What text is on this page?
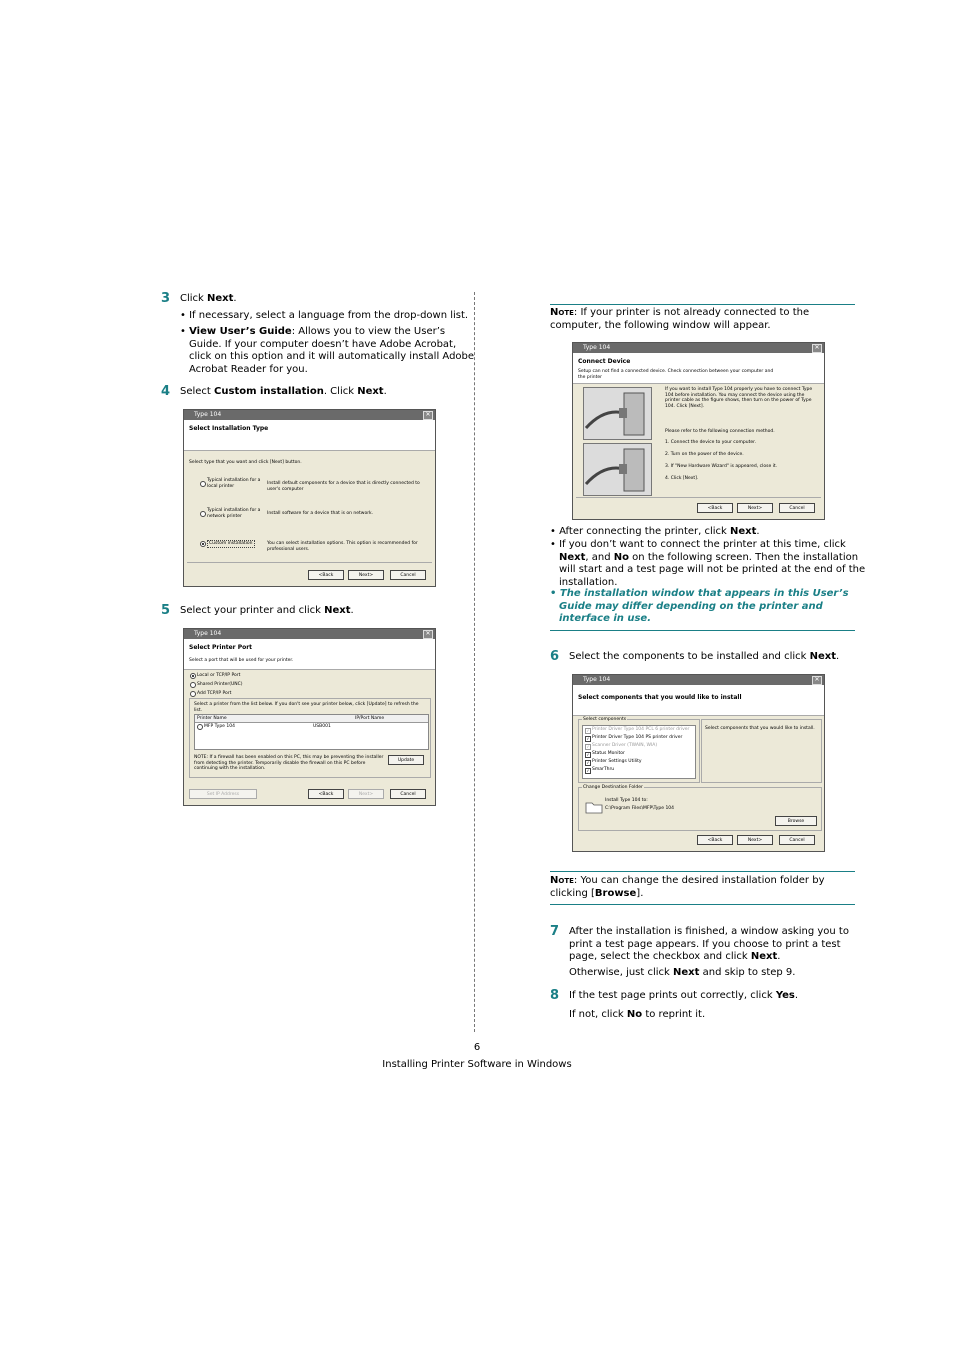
3 Click Next.
• If necessary, select a language from the drop-down list.
• View User’s Guide: Allows you to view the User’s
Guide. If your computer doesn’t have Adobe Acrobat,
click on this option and it will automatically install Adobe
Acrobat Reader for you.
4 Select Custom installation. Click Next.
Type 104	✕
Select Installation Type
Select type that you want and click [Next] button.
Typical installation for a local printer	Install default components for a device that is directly connected to user's computer
Typical installation for a network printer	Install software for a device that is on network.
Custom installation	You can select installation options. This option is recommended for professional users.
<Back	Next>	Cancel
5 Select your printer and click Next.
Type 104	✕
Select Printer Port
Select a port that will be used for your printer.
Local or TCP/IP Port
Shared Printer(UNC)
Add TCP/IP Port
Select a printer from the list below. If you don't see your printer below, click [Update] to refresh the list.
Printer Name	IP/Port Name
MFP Type 104	USB001
NOTE: If a firewall has been enabled on this PC, this may be preventing the installer from detecting the printer. Temporarily disable the firewall on this PC before continuing with the installation.
Update
Set IP Address	<Back	Next>	Cancel
Note: If your printer is not already connected to the
computer, the following window will appear.
Type 104	✕
Connect Device
Setup can not find a connected device. Check connection between your computer and the printer
If you want to install Type 104 properly you have to connect Type 104 before installation. You may connect the device using the printer cable as the figure shows, then turn on the power of Type 104. Click [Next].
Please refer to the following connection method.
1. Connect the device to your computer.
2. Turn on the power of the device.
3. If "New Hardware Wizard" is appeared, close it.
4. Click [Next].
<Back	Next>	Cancel
• After connecting the printer, click Next.
• If you don’t want to connect the printer at this time, click
Next, and No on the following screen. Then the installation
will start and a test page will not be printed at the end of the
installation.
• The installation window that appears in this User’s
Guide may differ depending on the printer and
interface in use.
6 Select the components to be installed and click Next.
Type 104	✕
Select components that you would like to install
Select components
✓ Printer Driver Type 104 PCL 6 printer driver
✓ Printer Driver Type 104 PS printer driver
✓ Scanner Driver (TWAIN, WIA)
✓ Status Monitor
✓ Printer Settings Utility
✓ SmarThru
Select components that you would like to install.
Change Destination Folder
Install Type 104 to:
C:\Program Files\MFP\Type 104
Browse
<Back	Next>	Cancel
Note: You can change the desired installation folder by
clicking [Browse].
7 After the installation is finished, a window asking you to
print a test page appears. If you choose to print a test
page, select the checkbox and click Next.
Otherwise, just click Next and skip to step 9.
8 If the test page prints out correctly, click Yes.
If not, click No to reprint it.
6
Installing Printer Software in Windows
